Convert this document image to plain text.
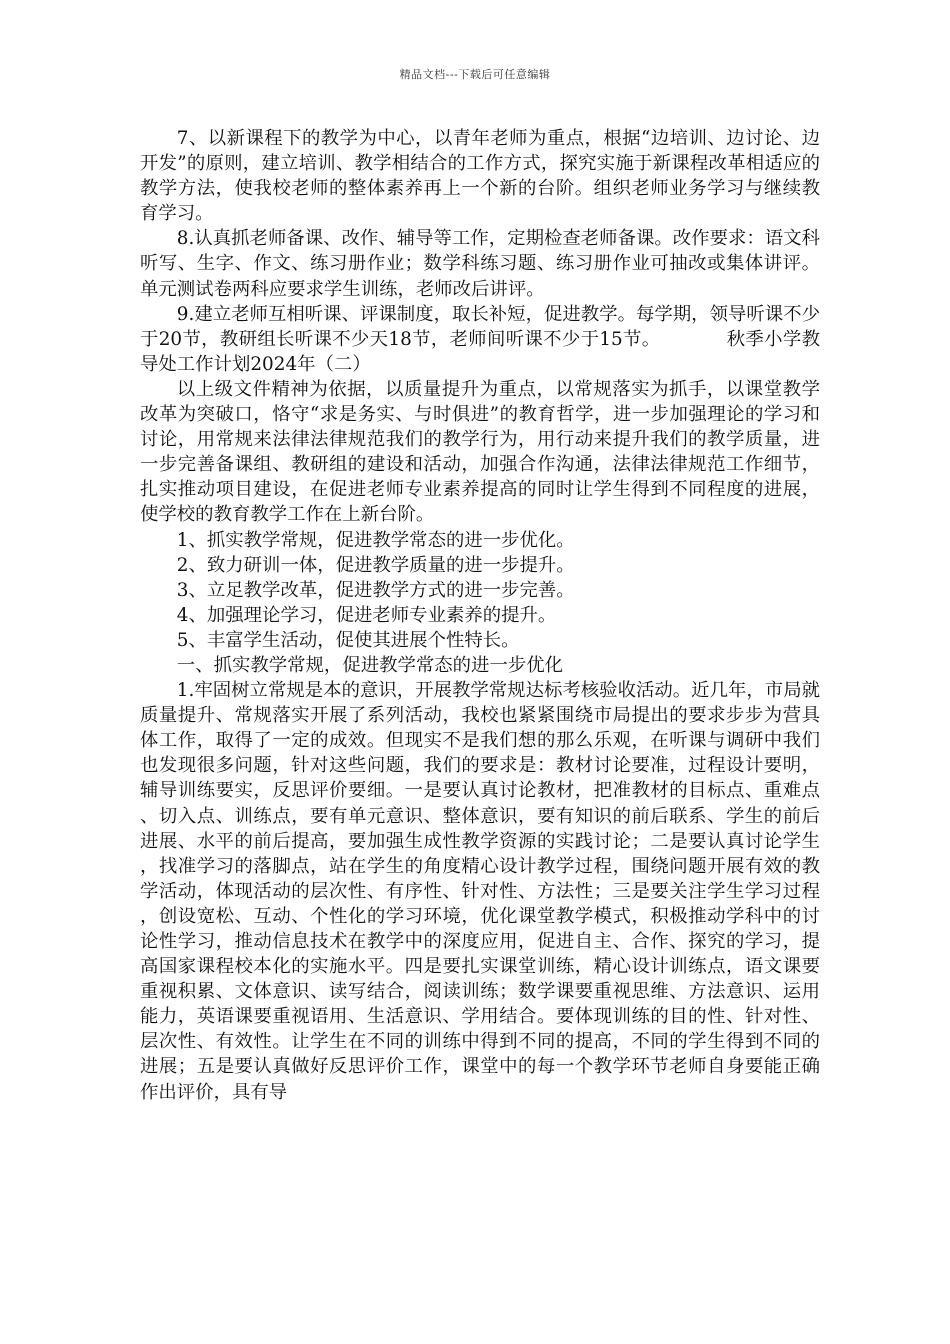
精品文档---下载后可任意编辑

7、以新课程下的教学为中心，以青年老师为重点，根据“边培训、边讨论、边开发”的原则，建立培训、教学相结合的工作方式，探究实施于新课程改革相适应的教学方法，使我校老师的整体素养再上一个新的台阶。组织老师业务学习与继续教育学习。

8.认真抓老师备课、改作、辅导等工作，定期检查老师备课。改作要求：语文科听写、生字、作文、练习册作业；数学科练习题、练习册作业可抽改或集体讲评。单元测试卷两科应要求学生训练，老师改后讲评。

9.建立老师互相听课、评课制度，取长补短，促进教学。每学期，领导听课不少于20节，教研组长听课不少天18节，老师间听课不少于15节。	秋季小学教导处工作计划2024年（二）

以上级文件精神为依据，以质量提升为重点，以常规落实为抓手，以课堂教学改革为突破口，恪守“求是务实、与时俱进”的教育哲学，进一步加强理论的学习和讨论，用常规来法律法律规范我们的教学行为，用行动来提升我们的教学质量，进一步完善备课组、教研组的建设和活动，加强合作沟通，法律法律规范工作细节，扎实推动项目建设，在促进老师专业素养提高的同时让学生得到不同程度的进展，使学校的教育教学工作在上新台阶。

1、抓实教学常规，促进教学常态的进一步优化。

2、致力研训一体，促进教学质量的进一步提升。

3、立足教学改革，促进教学方式的进一步完善。

4、加强理论学习，促进老师专业素养的提升。

5、丰富学生活动，促使其进展个性特长。

一、抓实教学常规，促进教学常态的进一步优化

1.牢固树立常规是本的意识，开展教学常规达标考核验收活动。近几年，市局就质量提升、常规落实开展了系列活动，我校也紧紧围绕市局提出的要求步步为营具体工作，取得了一定的成效。但现实不是我们想的那么乐观，在听课与调研中我们也发现很多问题，针对这些问题，我们的要求是：教材讨论要准，过程设计要明，辅导训练要实，反思评价要细。一是要认真讨论教材，把准教材的目标点、重难点、切入点、训练点，要有单元意识、整体意识，要有知识的前后联系、学生的前后进展、水平的前后提高，要加强生成性教学资源的实践讨论；二是要认真讨论学生，找准学习的落脚点，站在学生的角度精心设计教学过程，围绕问题开展有效的教学活动，体现活动的层次性、有序性、针对性、方法性；三是要关注学生学习过程，创设宽松、互动、个性化的学习环境，优化课堂教学模式，积极推动学科中的讨论性学习，推动信息技术在教学中的深度应用，促进自主、合作、探究的学习，提高国家课程校本化的实施水平。四是要扎实课堂训练，精心设计训练点，语文课要重视积累、文体意识、读写结合，阅读训练；数学课要重视思维、方法意识、运用能力，英语课要重视语用、生活意识、学用结合。要体现训练的目的性、针对性、层次性、有效性。让学生在不同的训练中得到不同的提高，不同的学生得到不同的进展；五是要认真做好反思评价工作，课堂中的每一个教学环节老师自身要能正确作出评价，具有导
